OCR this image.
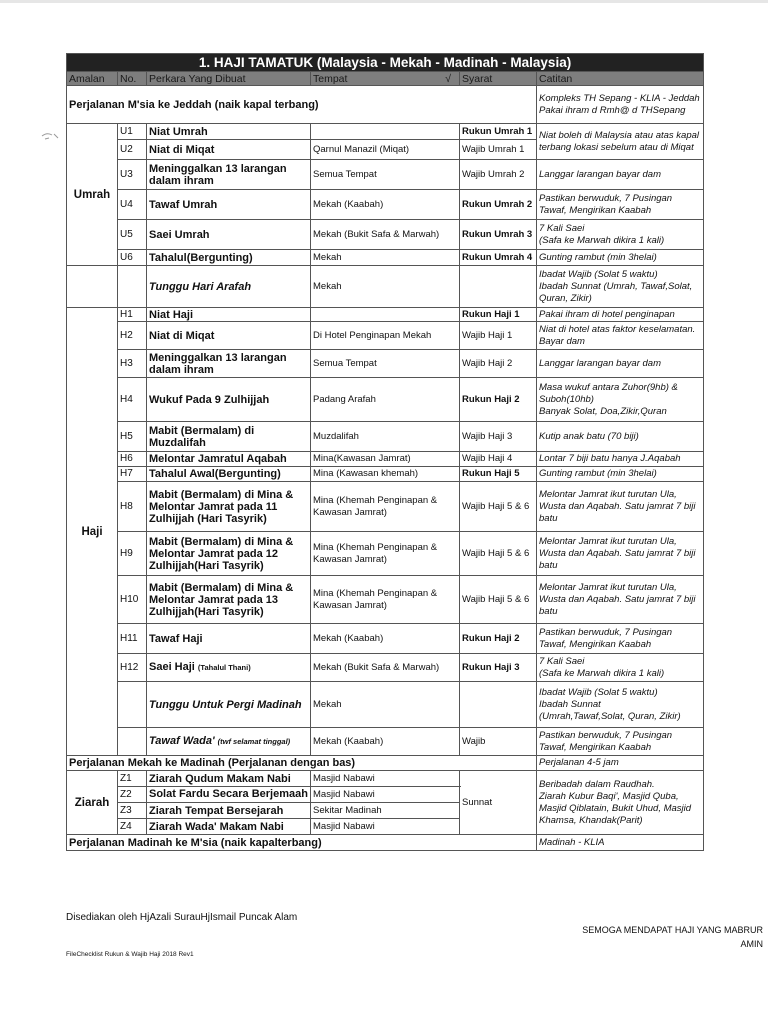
1. HAJI TAMATUK (Malaysia - Mekah - Madinah - Malaysia)					
Amalan	No.	Perkara Yang Dibuat	Tempat √	Syarat	Catitan
Perjalanan M'sia ke Jeddah (naik kapal terbang)					Kompleks TH Sepang - KLIA - Jeddah
Pakai ihram d Rmh@ d THSepang
Umrah	U1	Niat Umrah		Rukun Umrah 1	Niat boleh di Malaysia atau atas kapal terbang lokasi sebelum atau di Miqat
	U2	Niat di Miqat	Qarnul Manazil (Miqat)	Wajib Umrah 1	
	U3	Meninggalkan 13 larangan dalam ihram	Semua Tempat	Wajib Umrah 2	Langgar larangan bayar dam
	U4	Tawaf Umrah	Mekah (Kaabah)	Rukun Umrah 2	Pastikan berwuduk, 7 Pusingan Tawaf, Mengirikan Kaabah
	U5	Saei Umrah	Mekah (Bukit Safa & Marwah)	Rukun Umrah 3	7 Kali Saei
(Safa ke Marwah dikira 1 kali)
	U6	Tahalul(Bergunting)	Mekah	Rukun Umrah 4	Gunting rambut (min 3helai)
		Tunggu Hari Arafah	Mekah		Ibadat Wajib (Solat 5 waktu)
Ibadah Sunnat (Umrah, Tawaf,Solat, Quran, Zikir)
Haji	H1	Niat Haji		Rukun Haji 1	Pakai ihram di hotel penginapan
	H2	Niat di Miqat	Di Hotel Penginapan Mekah	Wajib Haji 1	Niat di hotel atas faktor keselamatan. Bayar dam
	H3	Meninggalkan 13 larangan dalam ihram	Semua Tempat	Wajib Haji 2	Langgar larangan bayar dam
	H4	Wukuf Pada 9 Zulhijjah	Padang Arafah	Rukun Haji 2	Masa wukuf antara Zuhor(9hb) & Suboh(10hb)
Banyak Solat, Doa,Zikir,Quran
	H5	Mabit (Bermalam) di Muzdalifah	Muzdalifah	Wajib Haji 3	Kutip anak batu (70 biji)
	H6	Melontar Jamratul Aqabah	Mina(Kawasan Jamrat)	Wajib Haji 4	Lontar 7 biji batu hanya J.Aqabah
	H7	Tahalul Awal(Bergunting)	Mina (Kawasan khemah)	Rukun Haji 5	Gunting rambut (min 3helai)
	H8	Mabit (Bermalam) di Mina & Melontar Jamrat pada 11 Zulhijjah (Hari Tasyrik)	Mina (Khemah Penginapan & Kawasan Jamrat)	Wajib Haji 5 & 6	Melontar Jamrat ikut turutan Ula, Wusta dan Aqabah. Satu jamrat 7 biji batu
	H9	Mabit (Bermalam) di Mina & Melontar Jamrat pada 12 Zulhijjah(Hari Tasyrik)	Mina (Khemah Penginapan & Kawasan Jamrat)	Wajib Haji 5 & 6	Melontar Jamrat ikut turutan Ula, Wusta dan Aqabah. Satu jamrat 7 biji batu
	H10	Mabit (Bermalam) di Mina & Melontar Jamrat pada 13 Zulhijjah(Hari Tasyrik)	Mina (Khemah Penginapan & Kawasan Jamrat)	Wajib Haji 5 & 6	Melontar Jamrat ikut turutan Ula, Wusta dan Aqabah. Satu jamrat 7 biji batu
	H11	Tawaf Haji	Mekah (Kaabah)	Rukun Haji 2	Pastikan berwuduk, 7 Pusingan Tawaf, Mengirikan Kaabah
	H12	Saei Haji (Tahalul Thani)	Mekah (Bukit Safa & Marwah)	Rukun Haji 3	7 Kali Saei
(Safa ke Marwah dikira 1 kali)
		Tunggu Untuk Pergi Madinah	Mekah		Ibadat Wajib (Solat 5 waktu)
Ibadah Sunnat
(Umrah,Tawaf,Solat, Quran, Zikir)
		Tawaf Wada' (twf selamat tinggal)	Mekah (Kaabah)	Wajib	Pastikan berwuduk, 7 Pusingan Tawaf, Mengirikan Kaabah
Perjalanan Mekah ke Madinah (Perjalanan dengan bas)					Perjalanan 4-5 jam
Ziarah	Z1	Ziarah Qudum Makam Nabi	Masjid Nabawi	Sunnat	Beribadah dalam Raudhah.
Ziarah Kubur Baqi', Masjid Quba, Masjid Qiblatain, Bukit Uhud, Masjid Khamsa, Khandak(Parit)
	Z2	Solat Fardu Secara Berjemaah	Masjid Nabawi		
	Z3	Ziarah Tempat Bersejarah	Sekitar Madinah		
	Z4	Ziarah Wada' Makam Nabi	Masjid Nabawi		
Perjalanan Madinah ke M'sia (naik kapalterbang)					Madinah - KLIA
Disediakan oleh HjAzali SurauHjIsmail Puncak Alam
FileChecklist Rukun & Wajib Haji 2018 Rev1
SEMOGA MENDAPAT HAJI YANG MABRUR
AMIN
